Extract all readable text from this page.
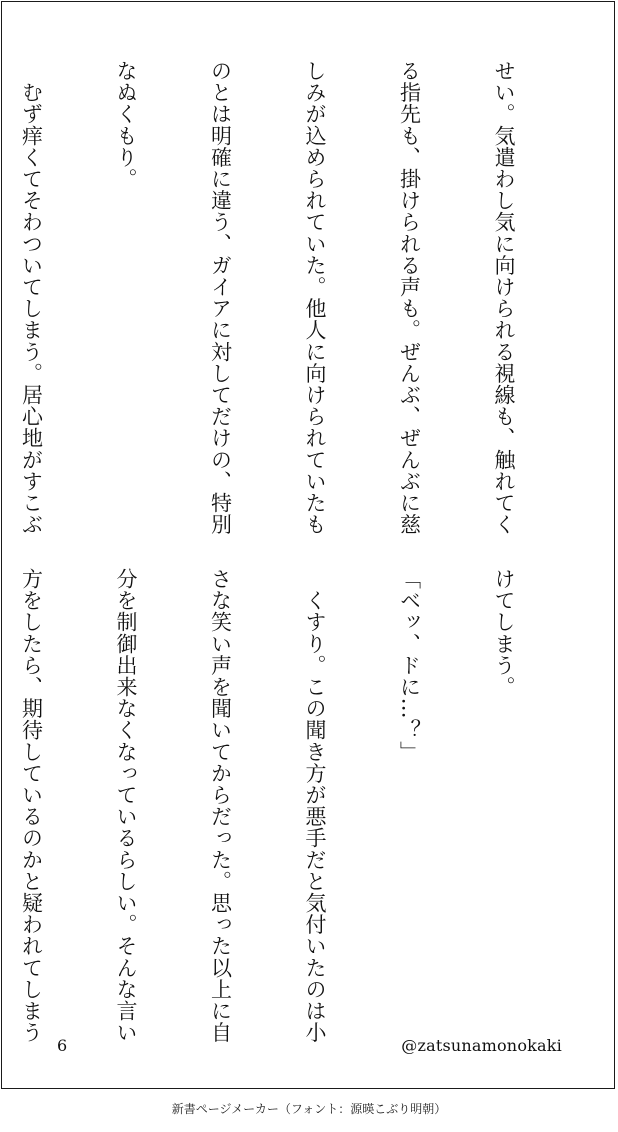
せい。気遣わし気に向けられる視線も、触れてく

る指先も、掛けられる声も。ぜんぶ、ぜんぶに慈

しみが込められていた。他人に向けられていたも

のとは明確に違う、ガイアに対してだけの、特別

なぬくもり。

　むず痒くてそわついてしまう。居心地がすこぶ

けてしまう。

「ベッ、ドに…？」

　くすり。この聞き方が悪手だと気付いたのは小

さな笑い声を聞いてからだった。思った以上に自

分を制御出来なくなっているらしい。そんな言い

方をしたら、期待しているのかと疑われてしまう

6	@zatsunamonokaki
新書ページメーカー（フォント：源暎こぶり明朝）
